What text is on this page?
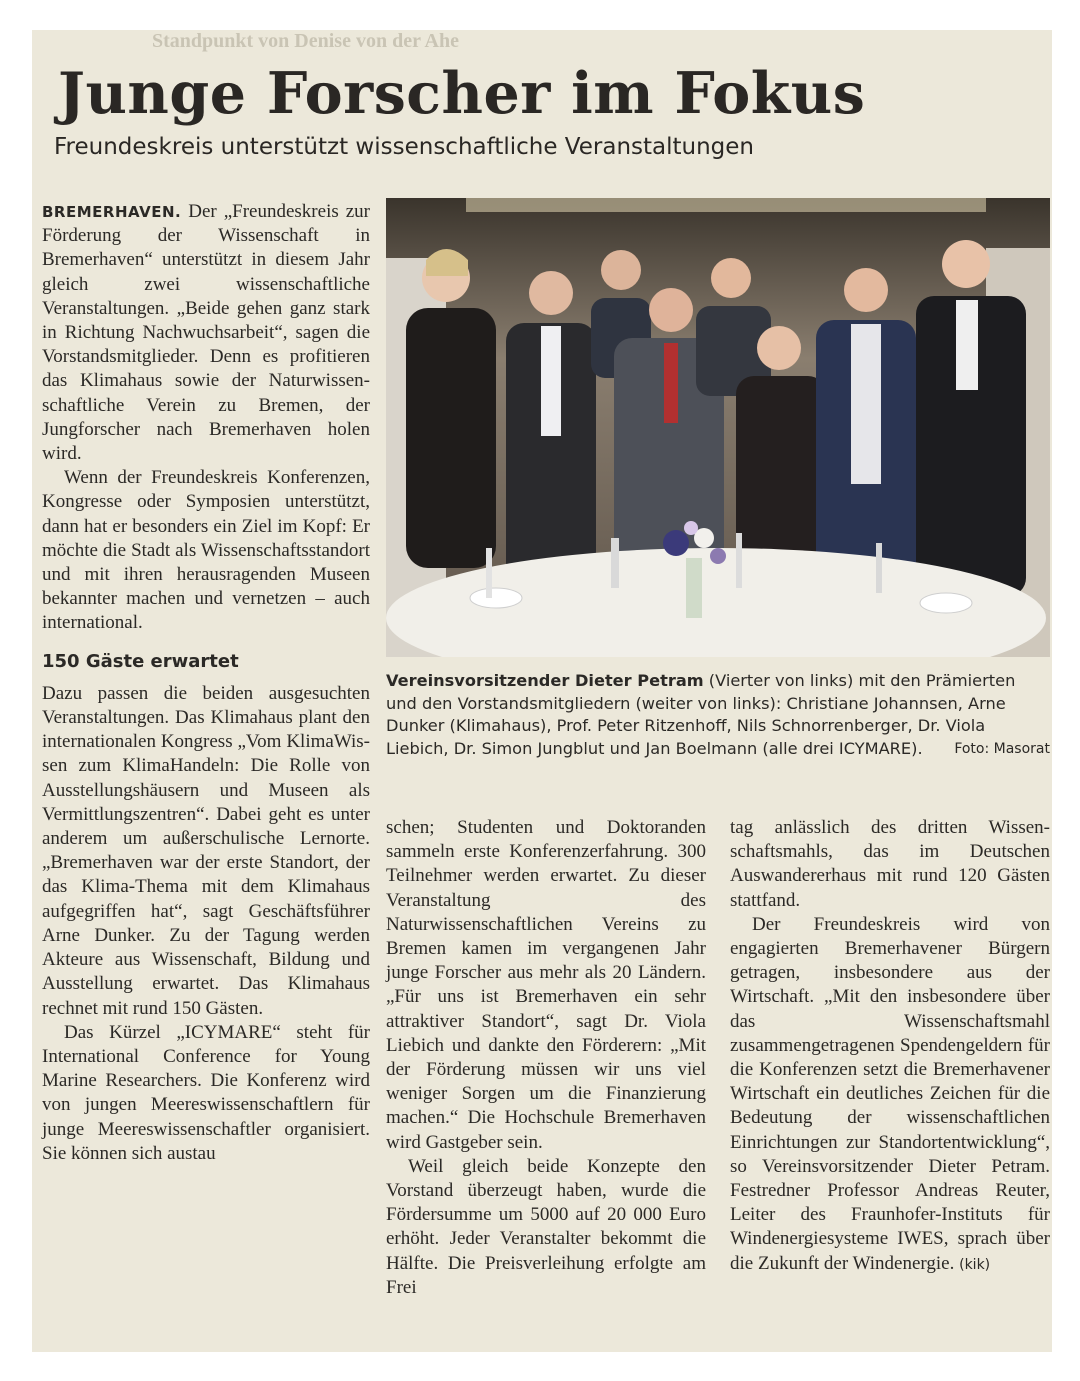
Standpunkt von Denise von der Ahe
Junge Forscher im Fokus
Freundeskreis unterstützt wissenschaftliche Veranstaltungen
Vereinsvorsitzender Dieter Petram (Vierter von links) mit den Prämierten und den Vorstandsmitgliedern (weiter von links): Christiane Johannsen, Arne Dunker (Klimahaus), Prof. Peter Ritzenhoff, Nils Schnorrenberger, Dr. Viola Liebich, Dr. Simon Jungblut und Jan Boelmann (alle drei ICYMARE). Foto: Masorat

BREMERHAVEN. Der „Freundeskreis zur Förderung der Wissenschaft in Bremerhaven“ unterstützt in diesem Jahr gleich zwei wissenschaftliche Veranstaltungen. „Beide gehen ganz stark in Richtung Nachwuchsarbeit“, sagen die Vorstandsmitglieder. Denn es profitieren das Klimahaus sowie der Naturwissenschaftliche Verein zu Bremen, der Jungforscher nach Bremerhaven holen wird.

Wenn der Freundeskreis Konferenzen, Kongresse oder Symposien unterstützt, dann hat er besonders ein Ziel im Kopf: Er möchte die Stadt als Wissenschaftsstandort und mit ihren herausragenden Museen bekannter machen und vernetzen – auch international.

150 Gäste erwartet

Dazu passen die beiden ausgesuchten Veranstaltungen. Das Klimahaus plant den internationalen Kongress „Vom KlimaWissen zum KlimaHandeln: Die Rolle von Ausstellungshäusern und Museen als Vermittlungszentren“. Dabei geht es unter anderem um außerschulische Lernorte. „Bremerhaven war der erste Standort, der das Klima-Thema mit dem Klimahaus aufgegriffen hat“, sagt Geschäftsführer Arne Dunker. Zu der Tagung werden Akteure aus Wissenschaft, Bildung und Ausstellung erwartet. Das Klimahaus rechnet mit rund 150 Gästen.

Das Kürzel „ICYMARE“ steht für International Conference for Young Marine Researchers. Die Konferenz wird von jungen Meereswissenschaftlern für junge Meereswissenschaftler organisiert. Sie können sich austau

schen; Studenten und Doktoranden sammeln erste Konferenzerfahrung. 300 Teilnehmer werden erwartet. Zu dieser Veranstaltung des Naturwissenschaftlichen Vereins zu Bremen kamen im vergangenen Jahr junge Forscher aus mehr als 20 Ländern. „Für uns ist Bremerhaven ein sehr attraktiver Standort“, sagt Dr. Viola Liebich und dankte den Förderern: „Mit der Förderung müssen wir uns viel weniger Sorgen um die Finanzierung machen.“ Die Hochschule Bremerhaven wird Gastgeber sein.

Weil gleich beide Konzepte den Vorstand überzeugt haben, wurde die Fördersumme um 5000 auf 20 000 Euro erhöht. Jeder Veranstalter bekommt die Hälfte. Die Preisverleihung erfolgte am Frei

tag anlässlich des dritten Wissenschaftsmahls, das im Deutschen Auswandererhaus mit rund 120 Gästen stattfand.

Der Freundeskreis wird von engagierten Bremerhavener Bürgern getragen, insbesondere aus der Wirtschaft. „Mit den insbesondere über das Wissenschaftsmahl zusammengetragenen Spendengeldern für die Konferenzen setzt die Bremerhavener Wirtschaft ein deutliches Zeichen für die Bedeutung der wissenschaftlichen Einrichtungen zur Standortentwicklung“, so Vereinsvorsitzender Dieter Petram. Festredner Professor Andreas Reuter, Leiter des Fraunhofer-Instituts für Windenergiesysteme IWES, sprach über die Zukunft der Windenergie. (kik)
